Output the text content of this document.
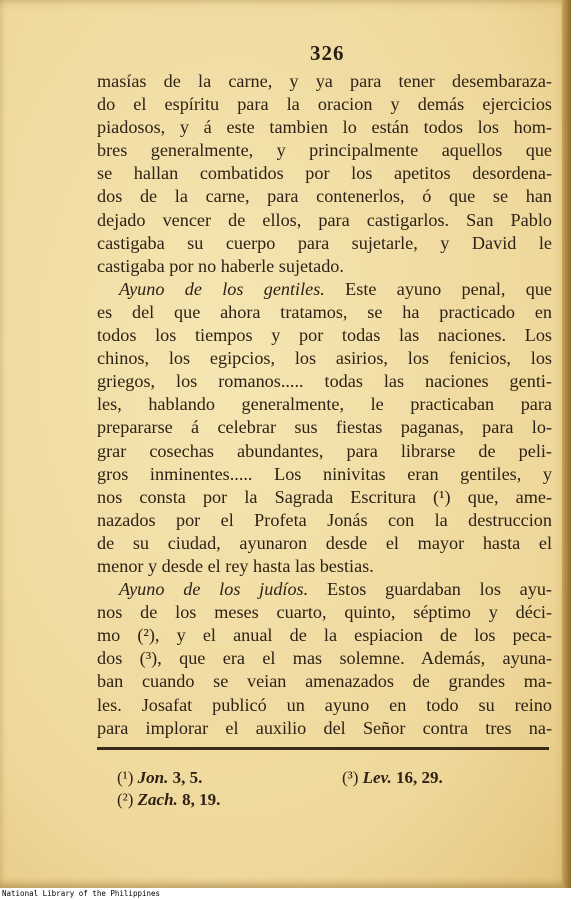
326
masías de la carne, y ya para tener desembaraza-
do el espíritu para la oracion y demás ejercicios
piadosos, y á este tambien lo están todos los hom-
bres generalmente, y principalmente aquellos que
se hallan combatidos por los apetitos desordena-
dos de la carne, para contenerlos, ó que se han
dejado vencer de ellos, para castigarlos. San Pablo
castigaba su cuerpo para sujetarle, y David le
castigaba por no haberle sujetado.
Ayuno de los gentiles. Este ayuno penal, que
es del que ahora tratamos, se ha practicado en
todos los tiempos y por todas las naciones. Los
chinos, los egipcios, los asirios, los fenicios, los
griegos, los romanos..... todas las naciones genti-
les, hablando generalmente, le practicaban para
prepararse á celebrar sus fiestas paganas, para lo-
grar cosechas abundantes, para librarse de peli-
gros inminentes..... Los ninivitas eran gentiles, y
nos consta por la Sagrada Escritura (¹) que, ame-
nazados por el Profeta Jonás con la destruccion
de su ciudad, ayunaron desde el mayor hasta el
menor y desde el rey hasta las bestias.
Ayuno de los judíos. Estos guardaban los ayu-
nos de los meses cuarto, quinto, séptimo y déci-
mo (²), y el anual de la espiacion de los peca-
dos (³), que era el mas solemne. Además, ayuna-
ban cuando se veian amenazados de grandes ma-
les. Josafat publicó un ayuno en todo su reino
para implorar el auxilio del Señor contra tres na-
(¹) Jon. 3, 5.
(²) Zach. 8, 19.
(³) Lev. 16, 29.
National Library of the Philippines
